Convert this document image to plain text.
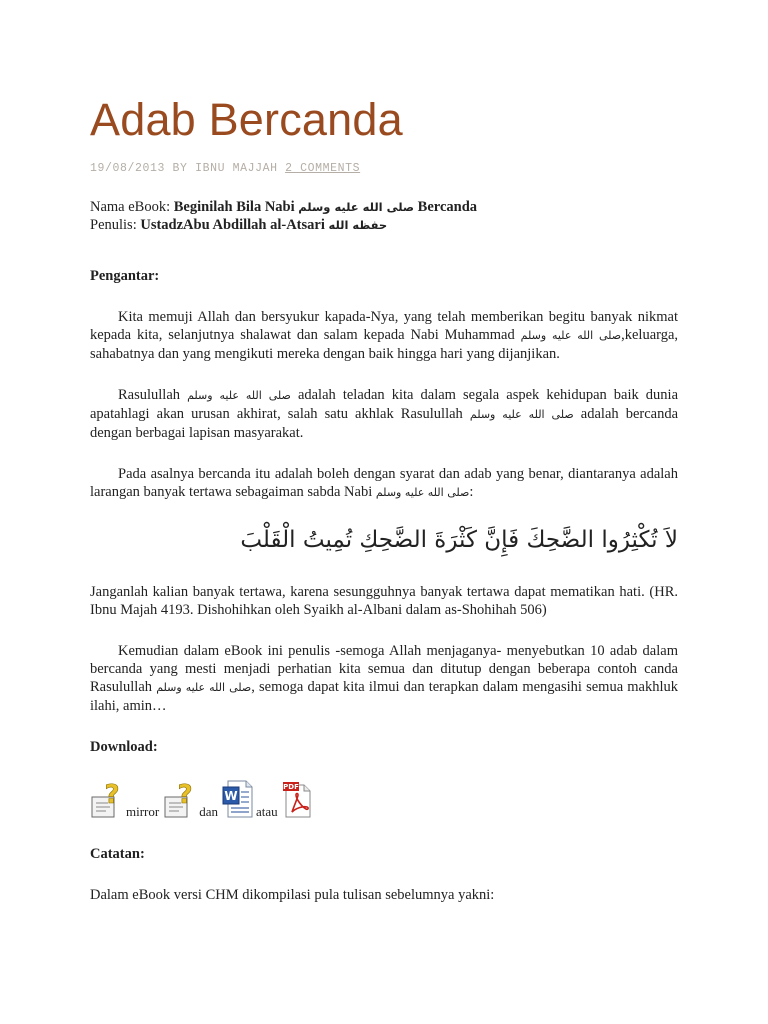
Adab Bercanda
19/08/2013 BY IBNU MAJJAH 2 COMMENTS

Nama eBook: Beginilah Bila Nabi صلى الله عليه وسلم Bercanda
Penulis: UstadzAbu Abdillah al-Atsari حفظه الله

Pengantar:

Kita memuji Allah dan bersyukur kapada-Nya, yang telah memberikan begitu banyak nikmat kepada kita, selanjutnya shalawat dan salam kepada Nabi Muhammad صلى الله عليه وسلم,keluarga, sahabatnya dan yang mengikuti mereka dengan baik hingga hari yang dijanjikan.

Rasulullah صلى الله عليه وسلم adalah teladan kita dalam segala aspek kehidupan baik dunia apatahlagi akan urusan akhirat, salah satu akhlak Rasulullah صلى الله عليه وسلم adalah bercanda dengan berbagai lapisan masyarakat.

Pada asalnya bercanda itu adalah boleh dengan syarat dan adab yang benar, diantaranya adalah larangan banyak tertawa sebagaiman sabda Nabi صلى الله عليه وسلم:

لاَ تُكْثِرُوا الضَّحِكَ فَإِنَّ كَثْرَةَ الضَّحِكِ تُمِيتُ الْقَلْبَ

Janganlah kalian banyak tertawa, karena sesungguhnya banyak tertawa dapat mematikan hati. (HR. Ibnu Majah 4193. Dishohihkan oleh Syaikh al-Albani dalam as-Shohihah 506)

Kemudian dalam eBook ini penulis -semoga Allah menjaganya- menyebutkan 10 adab dalam bercanda yang mesti menjadi perhatian kita semua dan ditutup dengan beberapa contoh canda Rasulullah صلى الله عليه وسلم, semoga dapat kita ilmui dan terapkan dalam mengasihi semua makhluk ilahi, amin…

Download:

?
mirror
?
dan
W
atau
PDF

Catatan:

Dalam eBook versi CHM dikompilasi pula tulisan sebelumnya yakni:
